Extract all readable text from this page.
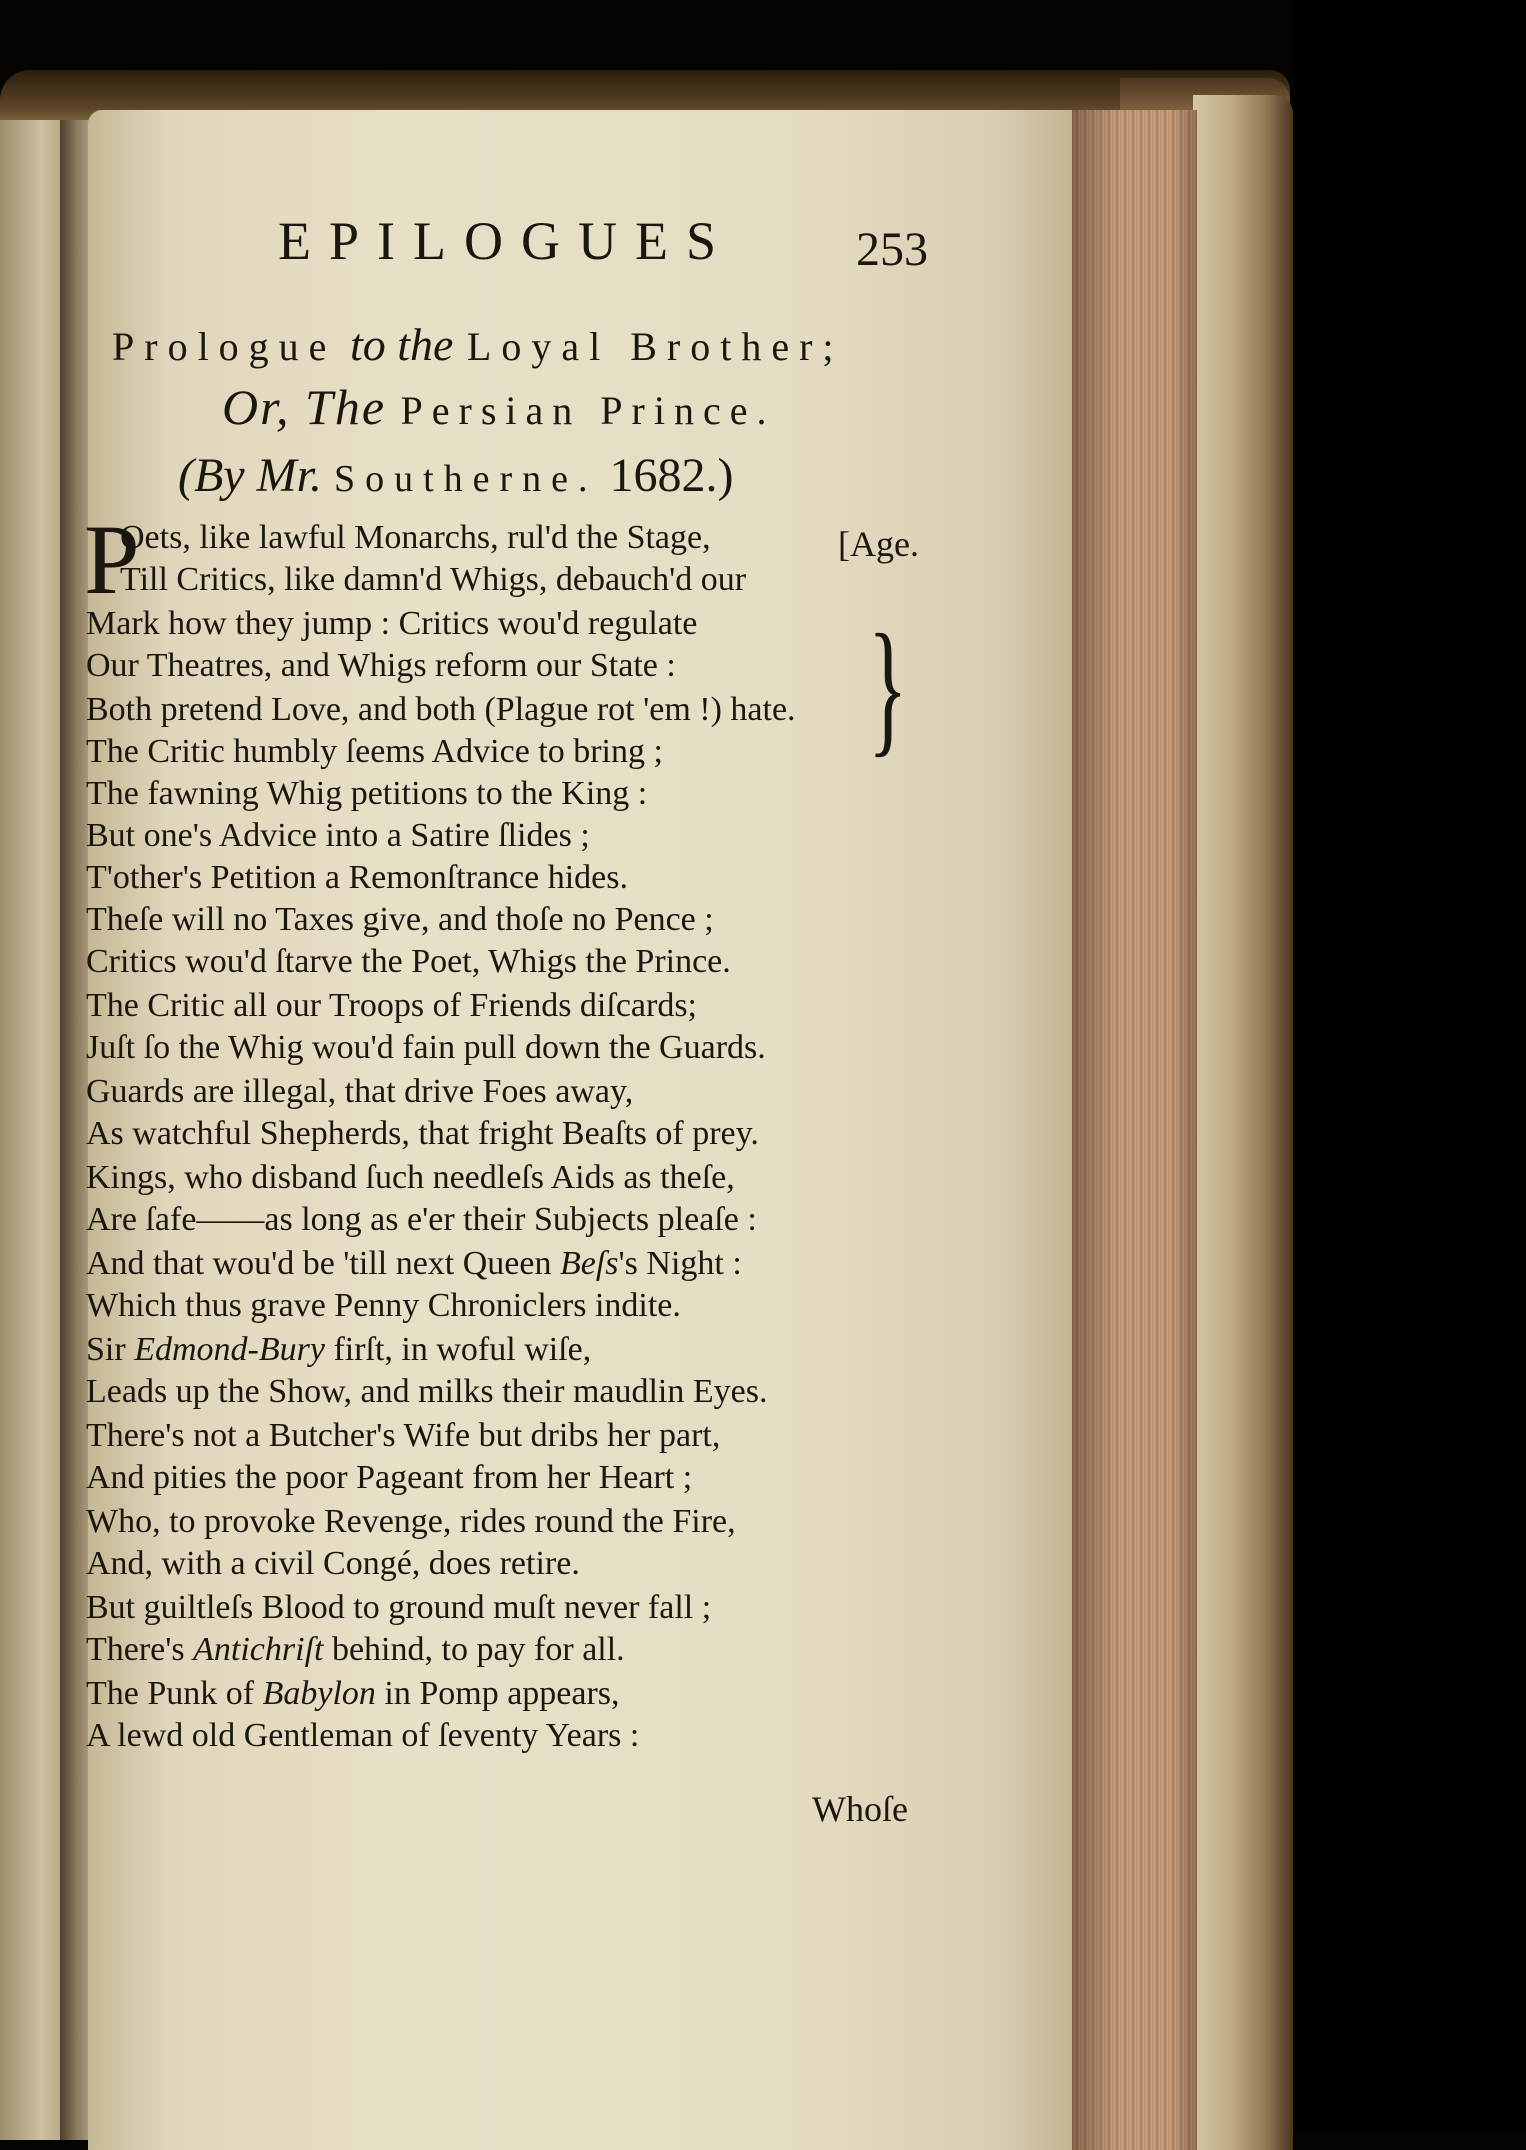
EPILOGUES	253
Prologue to the Loyal Brother;
Or, The Persian Prince.
(By Mr. Southerne. 1682.)
P
}
Oets, like lawful Monarchs, rul'd the Stage,	[Age.
Till Critics, like damn'd Whigs, debauch'd our
Mark how they jump : Critics wou'd regulate
Our Theatres, and Whigs reform our State :
Both pretend Love, and both (Plague rot 'em !) hate.
The Critic humbly ſeems Advice to bring ;
The fawning Whig petitions to the King :
But one's Advice into a Satire ſlides ;
T'other's Petition a Remonſtrance hides.
Theſe will no Taxes give, and thoſe no Pence ;
Critics wou'd ſtarve the Poet, Whigs the Prince.
The Critic all our Troops of Friends diſcards;
Juſt ſo the Whig wou'd fain pull down the Guards.
Guards are illegal, that drive Foes away,
As watchful Shepherds, that fright Beaſts of prey.
Kings, who disband ſuch needleſs Aids as theſe,
Are ſafe——as long as e'er their Subjects pleaſe :
And that wou'd be 'till next Queen Beſs's Night :
Which thus grave Penny Chroniclers indite.
Sir Edmond-Bury firſt, in woful wiſe,
Leads up the Show, and milks their maudlin Eyes.
There's not a Butcher's Wife but dribs her part,
And pities the poor Pageant from her Heart ;
Who, to provoke Revenge, rides round the Fire,
And, with a civil Congé, does retire.
But guiltleſs Blood to ground muſt never fall ;
There's Antichriſt behind, to pay for all.
The Punk of Babylon in Pomp appears,
A lewd old Gentleman of ſeventy Years :
Whoſe
